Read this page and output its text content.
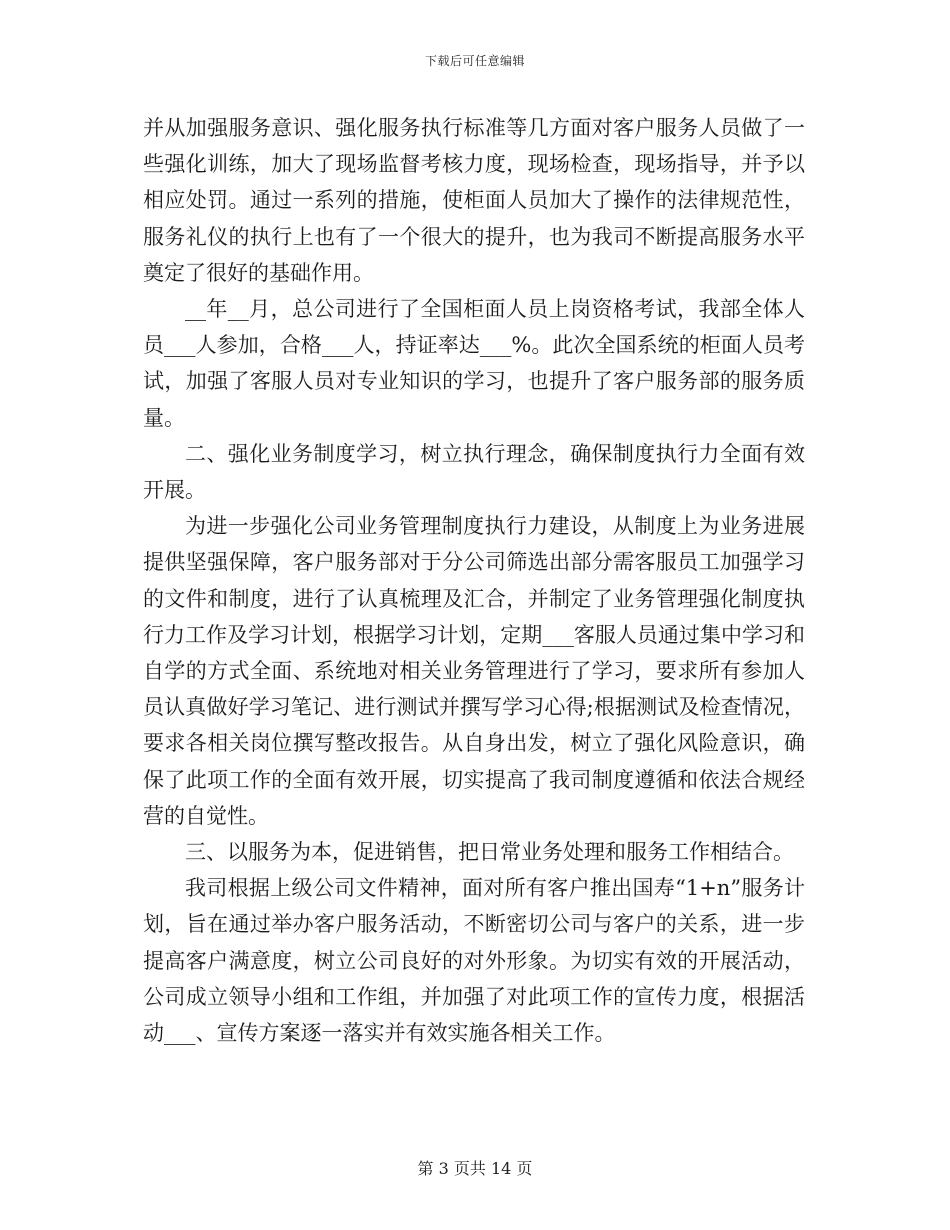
下载后可任意编辑

并从加强服务意识、强化服务执行标准等几方面对客户服务人员做了一些强化训练，加大了现场监督考核力度，现场检查，现场指导，并予以相应处罚。通过一系列的措施，使柜面人员加大了操作的法律规范性，服务礼仪的执行上也有了一个很大的提升，也为我司不断提高服务水平奠定了很好的基础作用。

__年__月，总公司进行了全国柜面人员上岗资格考试，我部全体人员___人参加，合格___人，持证率达___%。此次全国系统的柜面人员考试，加强了客服人员对专业知识的学习，也提升了客户服务部的服务质量。

二、强化业务制度学习，树立执行理念，确保制度执行力全面有效开展。

为进一步强化公司业务管理制度执行力建设，从制度上为业务进展提供坚强保障，客户服务部对于分公司筛选出部分需客服员工加强学习的文件和制度，进行了认真梳理及汇合，并制定了业务管理强化制度执行力工作及学习计划，根据学习计划，定期___客服人员通过集中学习和自学的方式全面、系统地对相关业务管理进行了学习，要求所有参加人员认真做好学习笔记、进行测试并撰写学习心得;根据测试及检查情况，要求各相关岗位撰写整改报告。从自身出发，树立了强化风险意识，确保了此项工作的全面有效开展，切实提高了我司制度遵循和依法合规经营的自觉性。

三、以服务为本，促进销售，把日常业务处理和服务工作相结合。

我司根据上级公司文件精神，面对所有客户推出国寿“1+n”服务计划，旨在通过举办客户服务活动，不断密切公司与客户的关系，进一步提高客户满意度，树立公司良好的对外形象。为切实有效的开展活动，公司成立领导小组和工作组，并加强了对此项工作的宣传力度，根据活动___、宣传方案逐一落实并有效实施各相关工作。

第 3 页共 14 页
